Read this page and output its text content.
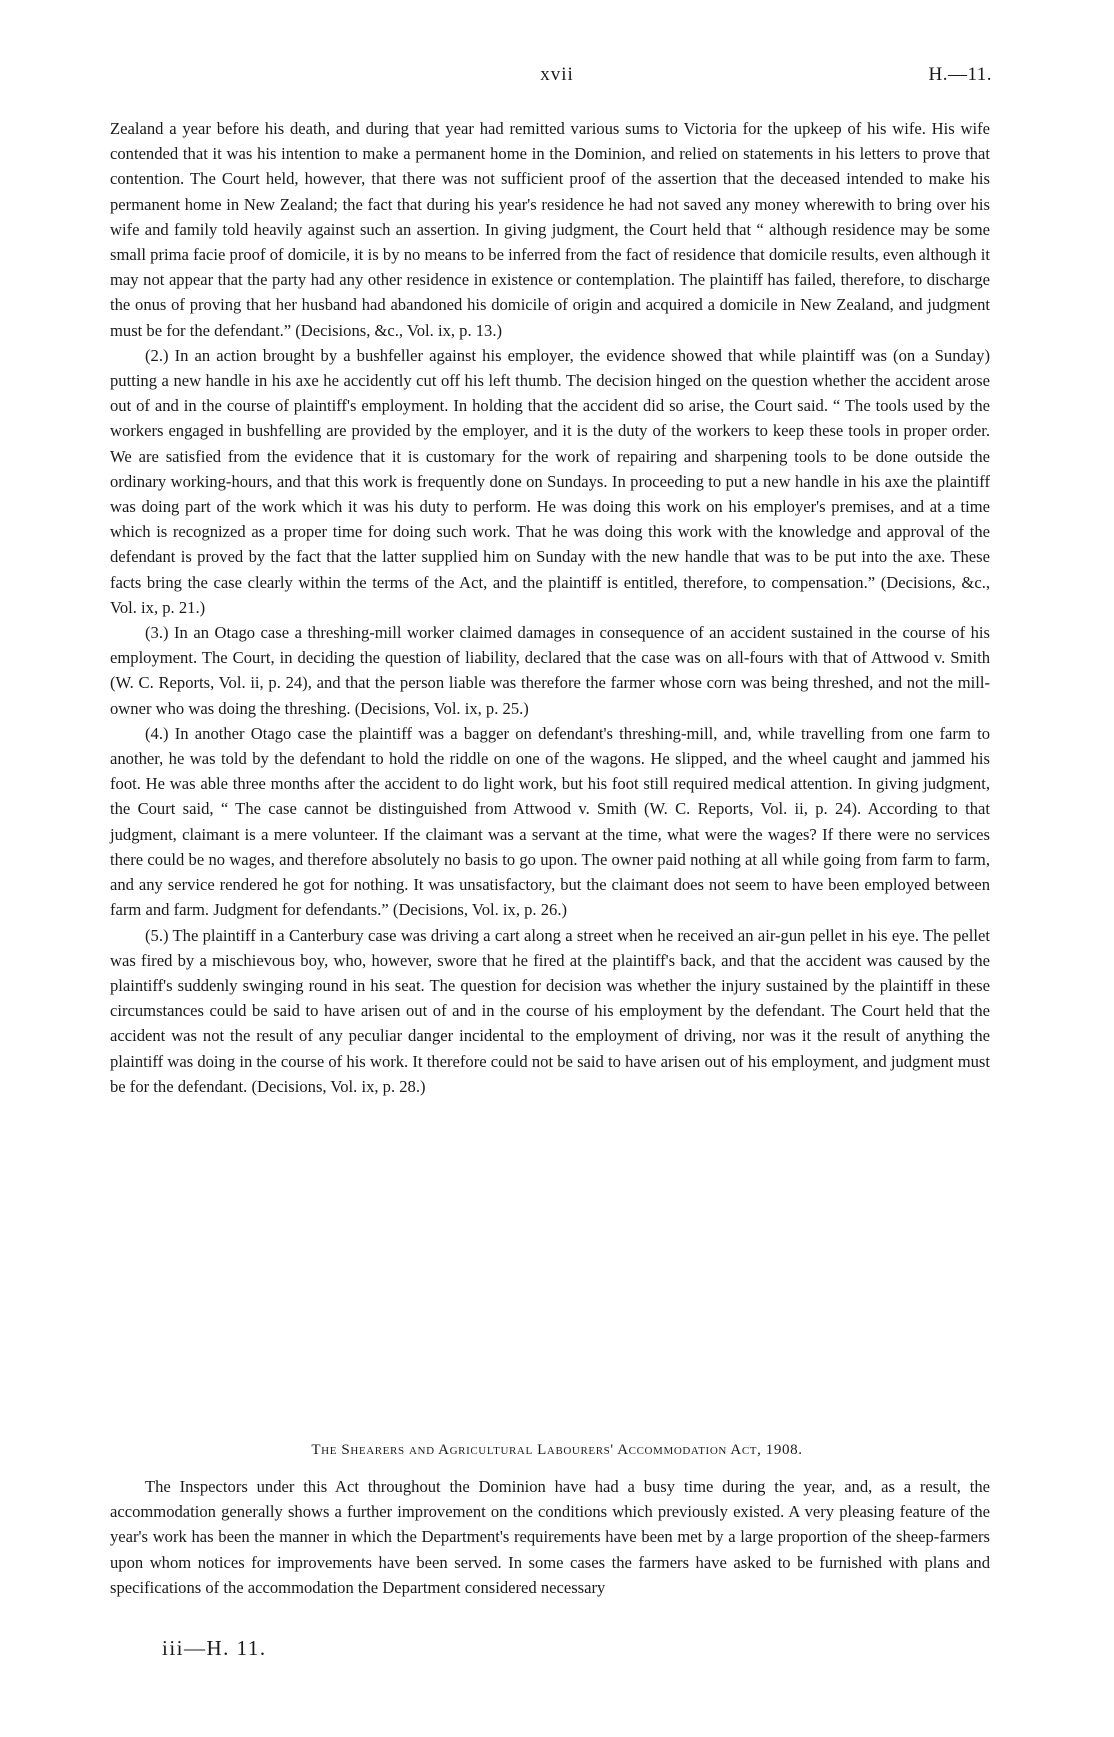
xvii	H.—11.

Zealand a year before his death, and during that year had remitted various sums to Victoria for the upkeep of his wife. His wife contended that it was his intention to make a permanent home in the Dominion, and relied on statements in his letters to prove that contention. The Court held, however, that there was not sufficient proof of the assertion that the deceased intended to make his permanent home in New Zealand; the fact that during his year's residence he had not saved any money wherewith to bring over his wife and family told heavily against such an assertion. In giving judgment, the Court held that “ although residence may be some small prima facie proof of domicile, it is by no means to be inferred from the fact of residence that domicile results, even although it may not appear that the party had any other residence in existence or contemplation. The plaintiff has failed, therefore, to discharge the onus of proving that her husband had abandoned his domicile of origin and acquired a domicile in New Zealand, and judgment must be for the defendant.” (Decisions, &c., Vol. ix, p. 13.)

(2.) In an action brought by a bushfeller against his employer, the evidence showed that while plaintiff was (on a Sunday) putting a new handle in his axe he accidently cut off his left thumb. The decision hinged on the question whether the accident arose out of and in the course of plaintiff's employment. In holding that the accident did so arise, the Court said. “ The tools used by the workers engaged in bushfelling are provided by the employer, and it is the duty of the workers to keep these tools in proper order. We are satisfied from the evidence that it is customary for the work of repairing and sharpening tools to be done outside the ordinary working-hours, and that this work is frequently done on Sundays. In proceeding to put a new handle in his axe the plaintiff was doing part of the work which it was his duty to perform. He was doing this work on his employer's premises, and at a time which is recognized as a proper time for doing such work. That he was doing this work with the knowledge and approval of the defendant is proved by the fact that the latter supplied him on Sunday with the new handle that was to be put into the axe. These facts bring the case clearly within the terms of the Act, and the plaintiff is entitled, therefore, to compensation.” (Decisions, &c., Vol. ix, p. 21.)

(3.) In an Otago case a threshing-mill worker claimed damages in consequence of an accident sustained in the course of his employment. The Court, in deciding the question of liability, declared that the case was on all-fours with that of Attwood v. Smith (W. C. Reports, Vol. ii, p. 24), and that the person liable was therefore the farmer whose corn was being threshed, and not the mill-owner who was doing the threshing. (Decisions, Vol. ix, p. 25.)

(4.) In another Otago case the plaintiff was a bagger on defendant's threshing-mill, and, while travelling from one farm to another, he was told by the defendant to hold the riddle on one of the wagons. He slipped, and the wheel caught and jammed his foot. He was able three months after the accident to do light work, but his foot still required medical attention. In giving judgment, the Court said, “ The case cannot be distinguished from Attwood v. Smith (W. C. Reports, Vol. ii, p. 24). According to that judgment, claimant is a mere volunteer. If the claimant was a servant at the time, what were the wages? If there were no services there could be no wages, and therefore absolutely no basis to go upon. The owner paid nothing at all while going from farm to farm, and any service rendered he got for nothing. It was unsatisfactory, but the claimant does not seem to have been employed between farm and farm. Judgment for defendants.” (Decisions, Vol. ix, p. 26.)

(5.) The plaintiff in a Canterbury case was driving a cart along a street when he received an air-gun pellet in his eye. The pellet was fired by a mischievous boy, who, however, swore that he fired at the plaintiff's back, and that the accident was caused by the plaintiff's suddenly swinging round in his seat. The question for decision was whether the injury sustained by the plaintiff in these circumstances could be said to have arisen out of and in the course of his employment by the defendant. The Court held that the accident was not the result of any peculiar danger incidental to the employment of driving, nor was it the result of anything the plaintiff was doing in the course of his work. It therefore could not be said to have arisen out of his employment, and judgment must be for the defendant. (Decisions, Vol. ix, p. 28.)

The Shearers and Agricultural Labourers' Accommodation Act, 1908.

The Inspectors under this Act throughout the Dominion have had a busy time during the year, and, as a result, the accommodation generally shows a further improvement on the conditions which previously existed. A very pleasing feature of the year's work has been the manner in which the Department's requirements have been met by a large proportion of the sheep-farmers upon whom notices for improvements have been served. In some cases the farmers have asked to be furnished with plans and specifications of the accommodation the Department considered necessary

iii—H. 11.
